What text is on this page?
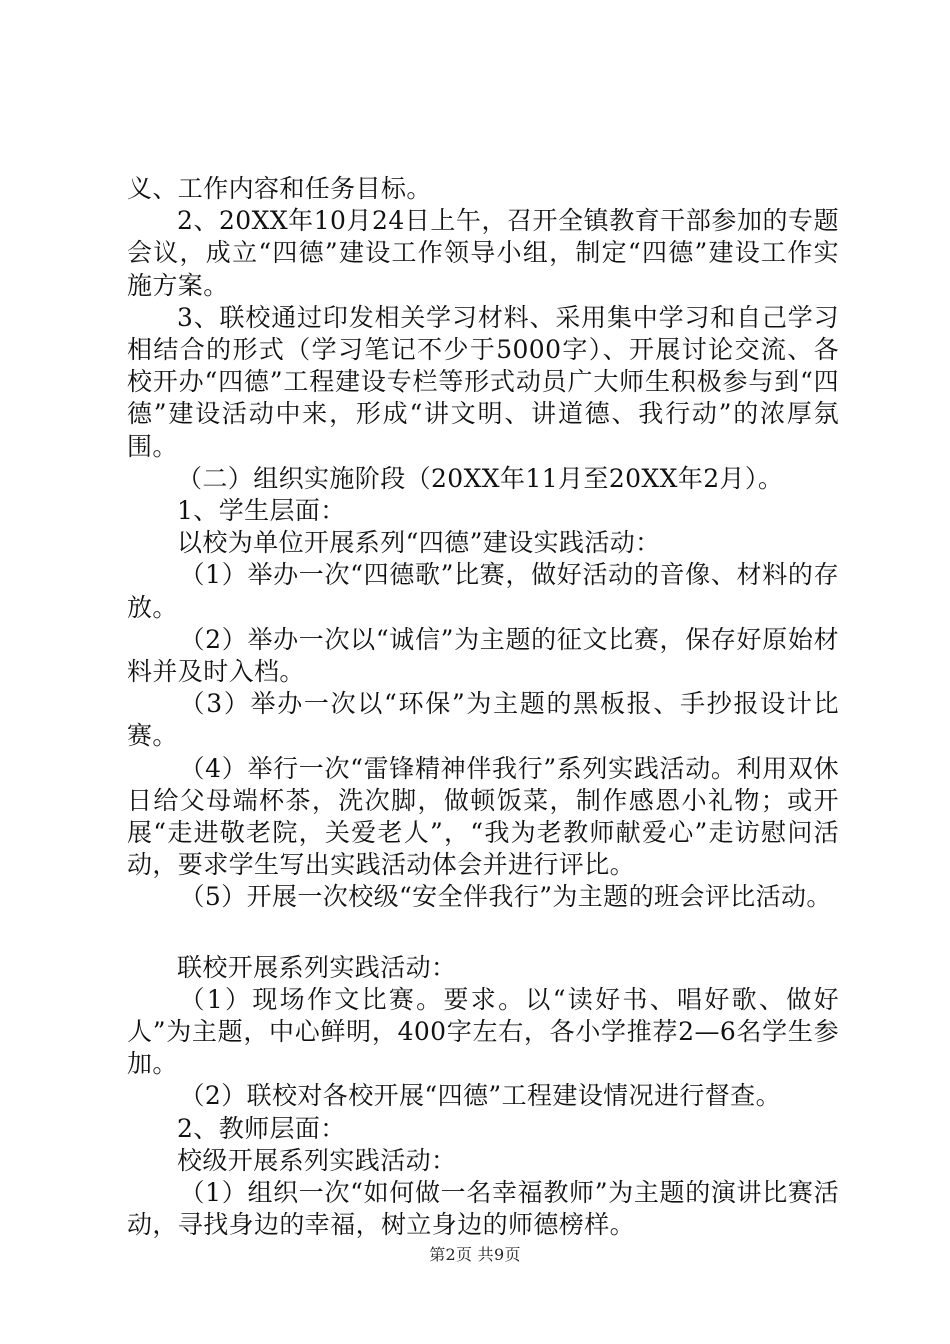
义、工作内容和任务目标。

2、20XX年10月24日上午，召开全镇教育干部参加的专题会议，成立“四德”建设工作领导小组，制定“四德”建设工作实施方案。

3、联校通过印发相关学习材料、采用集中学习和自己学习相结合的形式（学习笔记不少于5000字）、开展讨论交流、各校开办“四德”工程建设专栏等形式动员广大师生积极参与到“四德”建设活动中来，形成“讲文明、讲道德、我行动”的浓厚氛围。

（二）组织实施阶段（20XX年11月至20XX年2月）。

1、学生层面：

以校为单位开展系列“四德”建设实践活动：

（1）举办一次“四德歌”比赛，做好活动的音像、材料的存放。

（2）举办一次以“诚信”为主题的征文比赛，保存好原始材料并及时入档。

（3）举办一次以“环保”为主题的黑板报、手抄报设计比赛。

（4）举行一次“雷锋精神伴我行”系列实践活动。利用双休日给父母端杯茶，洗次脚，做顿饭菜，制作感恩小礼物；或开展“走进敬老院，关爱老人”，“我为老教师献爱心”走访慰问活动，要求学生写出实践活动体会并进行评比。

（5）开展一次校级“安全伴我行”为主题的班会评比活动。

联校开展系列实践活动：

（1）现场作文比赛。要求。以“读好书、唱好歌、做好人”为主题，中心鲜明，400字左右，各小学推荐2—6名学生参加。

（2）联校对各校开展“四德”工程建设情况进行督查。

2、教师层面：

校级开展系列实践活动：

（1）组织一次“如何做一名幸福教师”为主题的演讲比赛活动，寻找身边的幸福，树立身边的师德榜样。

第2页 共9页
